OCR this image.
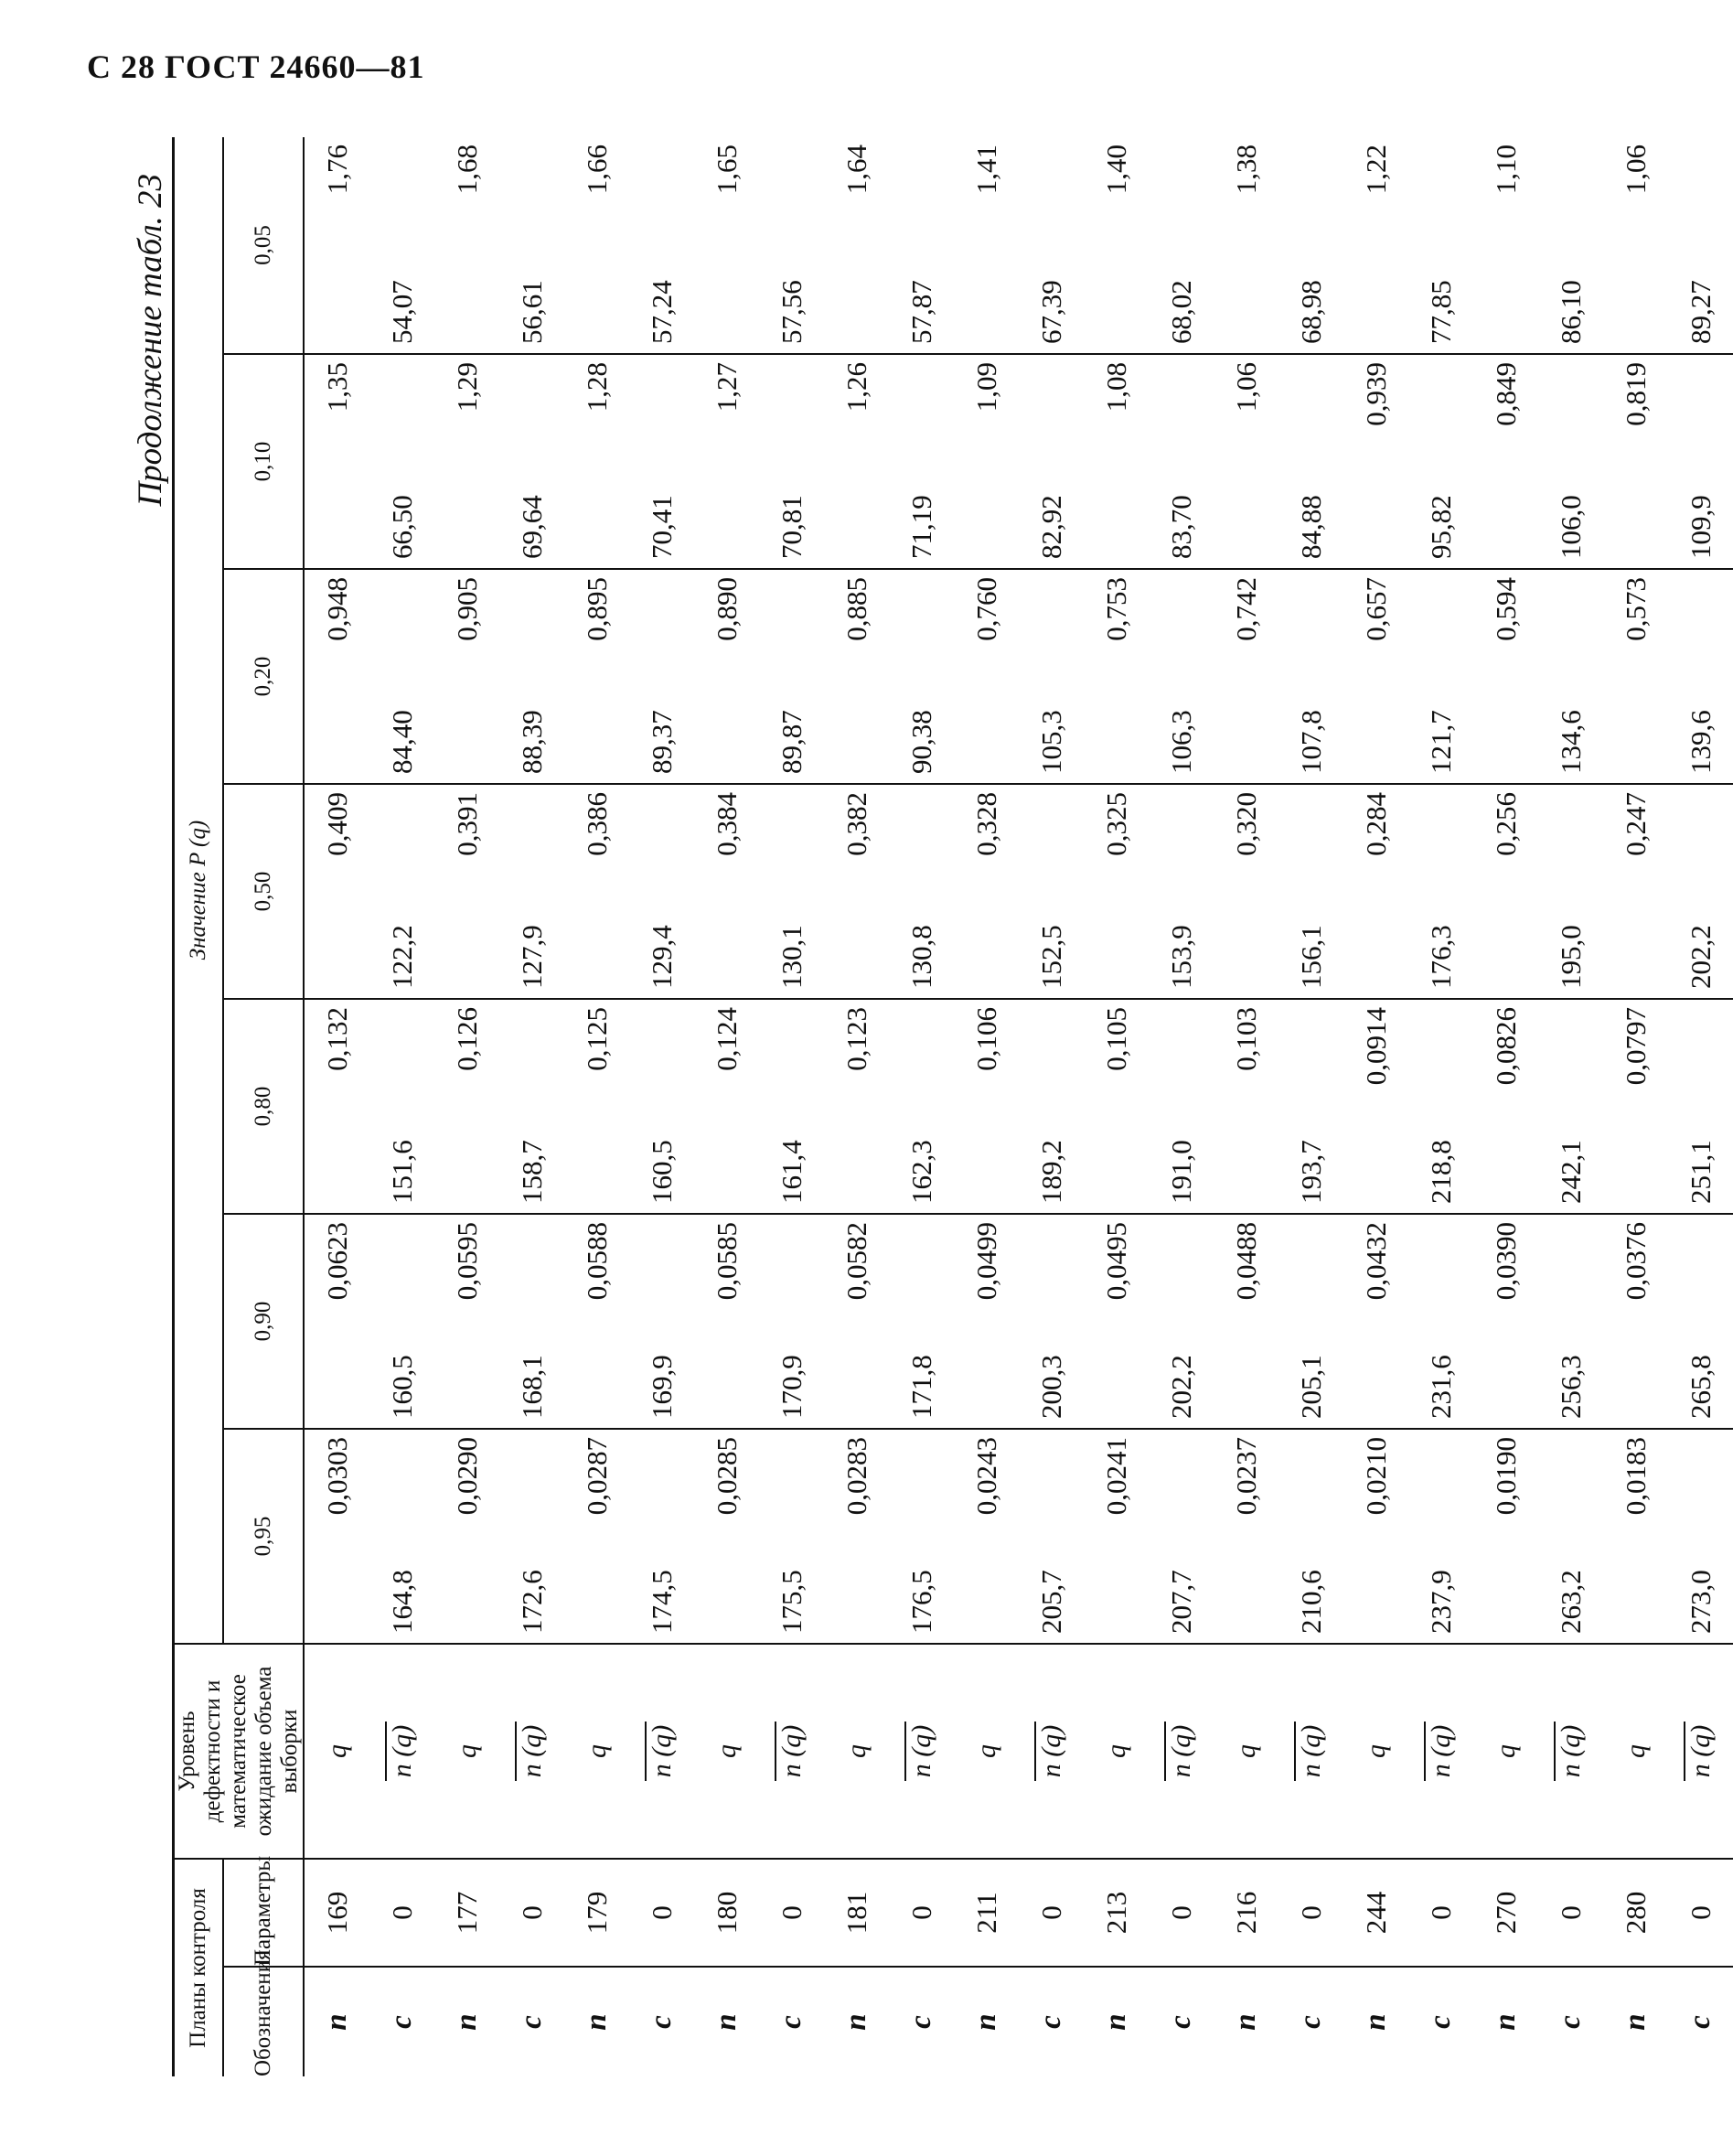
С 28 ГОСТ 24660—81
Продолжение табл. 23
Планы контроля		Уровень дефектности и математическое ожидание объема выборки	Значение P (q)						
Обозначения	Параметры		0,95	0,90	0,80	0,50	0,20	0,10	0,05

n	169	q	0,0303	0,0623	0,132	0,409	0,948	1,35	1,76
c	0	n (q)	164,8	160,5	151,6	122,2	84,40	66,50	54,07
n	177	q	0,0290	0,0595	0,126	0,391	0,905	1,29	1,68
c	0	n (q)	172,6	168,1	158,7	127,9	88,39	69,64	56,61
n	179	q	0,0287	0,0588	0,125	0,386	0,895	1,28	1,66
c	0	n (q)	174,5	169,9	160,5	129,4	89,37	70,41	57,24
n	180	q	0,0285	0,0585	0,124	0,384	0,890	1,27	1,65
c	0	n (q)	175,5	170,9	161,4	130,1	89,87	70,81	57,56
n	181	q	0,0283	0,0582	0,123	0,382	0,885	1,26	1,64
c	0	n (q)	176,5	171,8	162,3	130,8	90,38	71,19	57,87
n	211	q	0,0243	0,0499	0,106	0,328	0,760	1,09	1,41
c	0	n (q)	205,7	200,3	189,2	152,5	105,3	82,92	67,39
n	213	q	0,0241	0,0495	0,105	0,325	0,753	1,08	1,40
c	0	n (q)	207,7	202,2	191,0	153,9	106,3	83,70	68,02
n	216	q	0,0237	0,0488	0,103	0,320	0,742	1,06	1,38
c	0	n (q)	210,6	205,1	193,7	156,1	107,8	84,88	68,98
n	244	q	0,0210	0,0432	0,0914	0,284	0,657	0,939	1,22
c	0	n (q)	237,9	231,6	218,8	176,3	121,7	95,82	77,85
n	270	q	0,0190	0,0390	0,0826	0,256	0,594	0,849	1,10
c	0	n (q)	263,2	256,3	242,1	195,0	134,6	106,0	86,10
n	280	q	0,0183	0,0376	0,0797	0,247	0,573	0,819	1,06
c	0	n (q)	273,0	265,8	251,1	202,2	139,6	109,9	89,27
